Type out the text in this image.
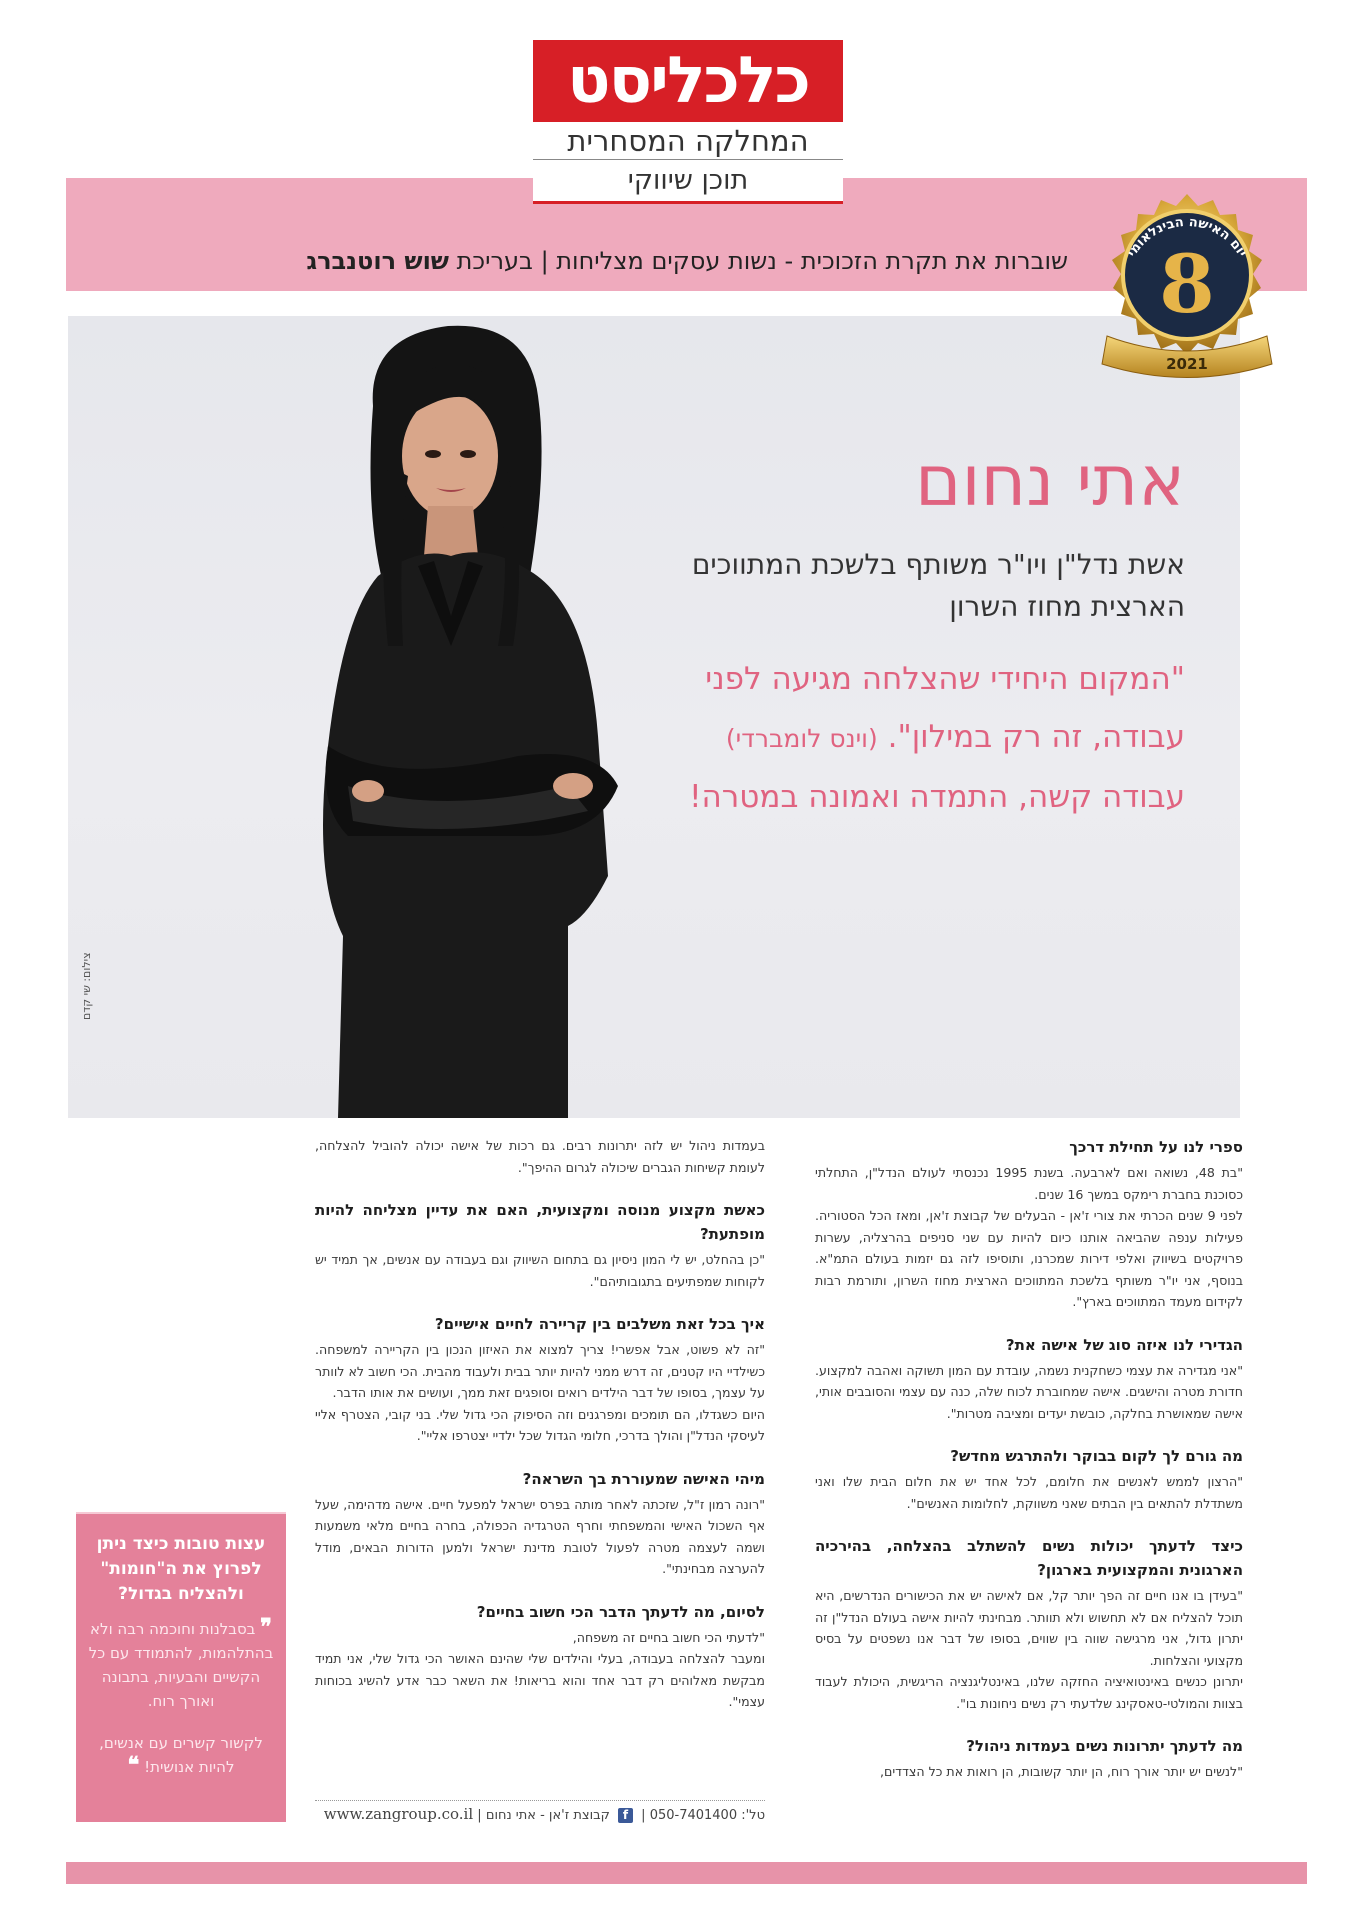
כלכליסט
המחלקה המסחרית
תוכן שיווקי
שוברות את תקרת הזכוכית - נשות עסקים מצליחות | בעריכת שוש רוטנברג	יום האישה הבינלאומי
8
2021
צילום: שי קדם
אתי נחום
אשת נדל"ן ויו"ר משותף בלשכת המתווכים
הארצית מחוז השרון
"המקום היחידי שהצלחה מגיעה לפני
עבודה, זה רק במילון". (וינס לומברדי)
עבודה קשה, התמדה ואמונה במטרה!
ספרי לנו על תחילת דרכך
"בת 48, נשואה ואם לארבעה. בשנת 1995 נכנסתי לעולם הנדל"ן, התחלתי כסוכנת בחברת רימקס במשך 16 שנים.
לפני 9 שנים הכרתי את צורי ז'אן - הבעלים של קבוצת ז'אן, ומאז הכל הסטוריה. פעילות ענפה שהביאה אותנו כיום להיות עם שני סניפים בהרצליה, עשרות פרויקטים בשיווק ואלפי דירות שמכרנו, ותוסיפו לזה גם יזמות בעולם התמ"א. בנוסף, אני יו"ר משותף בלשכת המתווכים הארצית מחוז השרון, ותורמת רבות לקידום מעמד המתווכים בארץ".
הגדירי לנו איזה סוג של אישה את?
"אני מגדירה את עצמי כשחקנית נשמה, עובדת עם המון תשוקה ואהבה למקצוע. חדורת מטרה והישגים. אישה שמחוברת לכוח שלה, כנה עם עצמי והסובבים אותי, אישה שמאושרת בחלקה, כובשת יעדים ומציבה מטרות".
מה גורם לך לקום בבוקר ולהתרגש מחדש?
"הרצון לממש לאנשים את חלומם, לכל אחד יש את חלום הבית שלו ואני משתדלת להתאים בין הבתים שאני משווקת, לחלומות האנשים".
כיצד לדעתך יכולות נשים להשתלב בהצלחה, בהירכיה הארגונית והמקצועית בארגון?
"בעידן בו אנו חיים זה הפך יותר קל, אם לאישה יש את הכישורים הנדרשים, היא תוכל להצליח אם לא תחשוש ולא תוותר. מבחינתי להיות אישה בעולם הנדל"ן זה יתרון גדול, אני מרגישה שווה בין שווים, בסופו של דבר אנו נשפטים על בסיס מקצועי והצלחות.
יתרונן כנשים באינטואיציה החזקה שלנו, באינטליגנציה הריגשית, היכולת לעבוד בצוות והמולטי-טאסקינג שלדעתי רק נשים ניחונות בו".
מה לדעתך יתרונות נשים בעמדות ניהול?
"לנשים יש יותר אורך רוח, הן יותר קשובות, הן רואות את כל הצדדים,
בעמדות ניהול יש לזה יתרונות רבים. גם רכות של אישה יכולה להוביל להצלחה, לעומת קשיחות הגברים שיכולה לגרום ההיפך".
כאשת מקצוע מנוסה ומקצועית, האם את עדיין מצליחה להיות מופתעת?
"כן בהחלט, יש לי המון ניסיון גם בתחום השיווק וגם בעבודה עם אנשים, אך תמיד יש לקוחות שמפתיעים בתגובותיהם".
איך בכל זאת משלבים בין קריירה לחיים אישיים?
"זה לא פשוט, אבל אפשרי! צריך למצוא את האיזון הנכון בין הקריירה למשפחה. כשילדיי היו קטנים, זה דרש ממני להיות יותר בבית ולעבוד מהבית. הכי חשוב לא לוותר על עצמך, בסופו של דבר הילדים רואים וסופגים זאת ממך, ועושים את אותו הדבר.
היום כשגדלו, הם תומכים ומפרגנים וזה הסיפוק הכי גדול שלי. בני קובי, הצטרף אליי לעיסקי הנדל"ן והולך בדרכי, חלומי הגדול שכל ילדיי יצטרפו אליי".
מיהי האישה שמעוררת בך השראה?
"רונה רמון ז"ל, שזכתה לאחר מותה בפרס ישראל למפעל חיים. אישה מדהימה, שעל אף השכול האישי והמשפחתי וחרף הטרגדיה הכפולה, בחרה בחיים מלאי משמעות ושמה לעצמה מטרה לפעול לטובת מדינת ישראל ולמען הדורות הבאים, מודל להערצה מבחינתי".
לסיום, מה לדעתך הדבר הכי חשוב בחיים?
"לדעתי הכי חשוב בחיים זה משפחה,
ומעבר להצלחה בעבודה, בעלי והילדים שלי שהינם האושר הכי גדול שלי, אני תמיד מבקשת מאלוהים רק דבר אחד והוא בריאות! את השאר כבר אדע להשיג בכוחות עצמי".
טל': 050-7401400 | f קבוצת ז'אן - אתי נחום | www.zangroup.co.il
עצות טובות כיצד ניתן לפרוץ את ה"חומות" ולהצליח בגדול?
❞ בסבלנות וחוכמה רבה ולא בהתלהמות, להתמודד עם כל הקשיים והבעיות, בתבונה ואורך רוח.
לקשור קשרים עם אנשים, להיות אנושית! ❝
